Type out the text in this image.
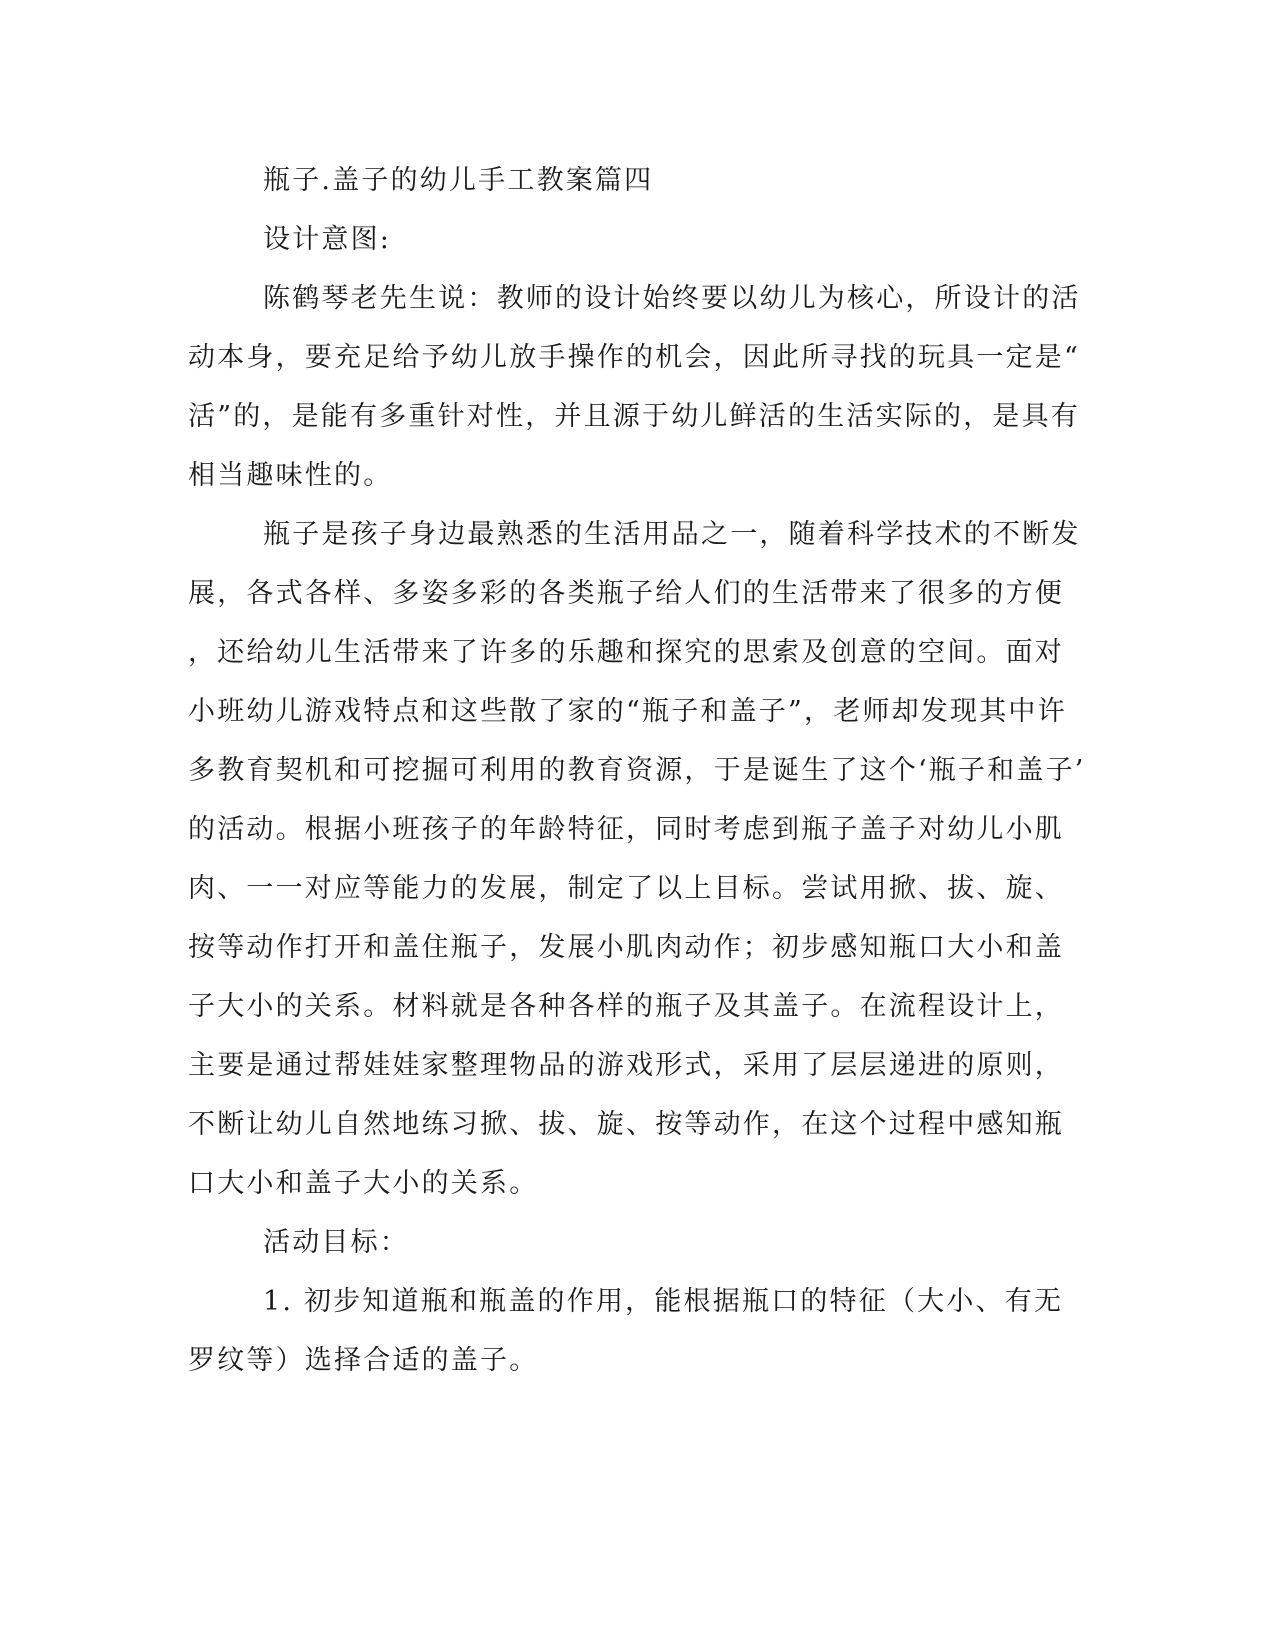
瓶子.盖子的幼儿手工教案篇四
设计意图:
陈鹤琴老先生说：教师的设计始终要以幼儿为核心，所设计的活
动本身，要充足给予幼儿放手操作的机会，因此所寻找的玩具一定是“
活”的，是能有多重针对性，并且源于幼儿鲜活的生活实际的，是具有
相当趣味性的。
瓶子是孩子身边最熟悉的生活用品之一，随着科学技术的不断发
展，各式各样、多姿多彩的各类瓶子给人们的生活带来了很多的方便
，还给幼儿生活带来了许多的乐趣和探究的思索及创意的空间。面对
小班幼儿游戏特点和这些散了家的“瓶子和盖子”，老师却发现其中许
多教育契机和可挖掘可利用的教育资源，于是诞生了这个‘瓶子和盖子’
的活动。根据小班孩子的年龄特征，同时考虑到瓶子盖子对幼儿小肌
肉、一一对应等能力的发展，制定了以上目标。尝试用掀、拔、旋、
按等动作打开和盖住瓶子，发展小肌肉动作；初步感知瓶口大小和盖
子大小的关系。材料就是各种各样的瓶子及其盖子。在流程设计上，
主要是通过帮娃娃家整理物品的游戏形式，采用了层层递进的原则，
不断让幼儿自然地练习掀、拔、旋、按等动作，在这个过程中感知瓶
口大小和盖子大小的关系。
活动目标：
1. 初步知道瓶和瓶盖的作用，能根据瓶口的特征（大小、有无
罗纹等）选择合适的盖子。
